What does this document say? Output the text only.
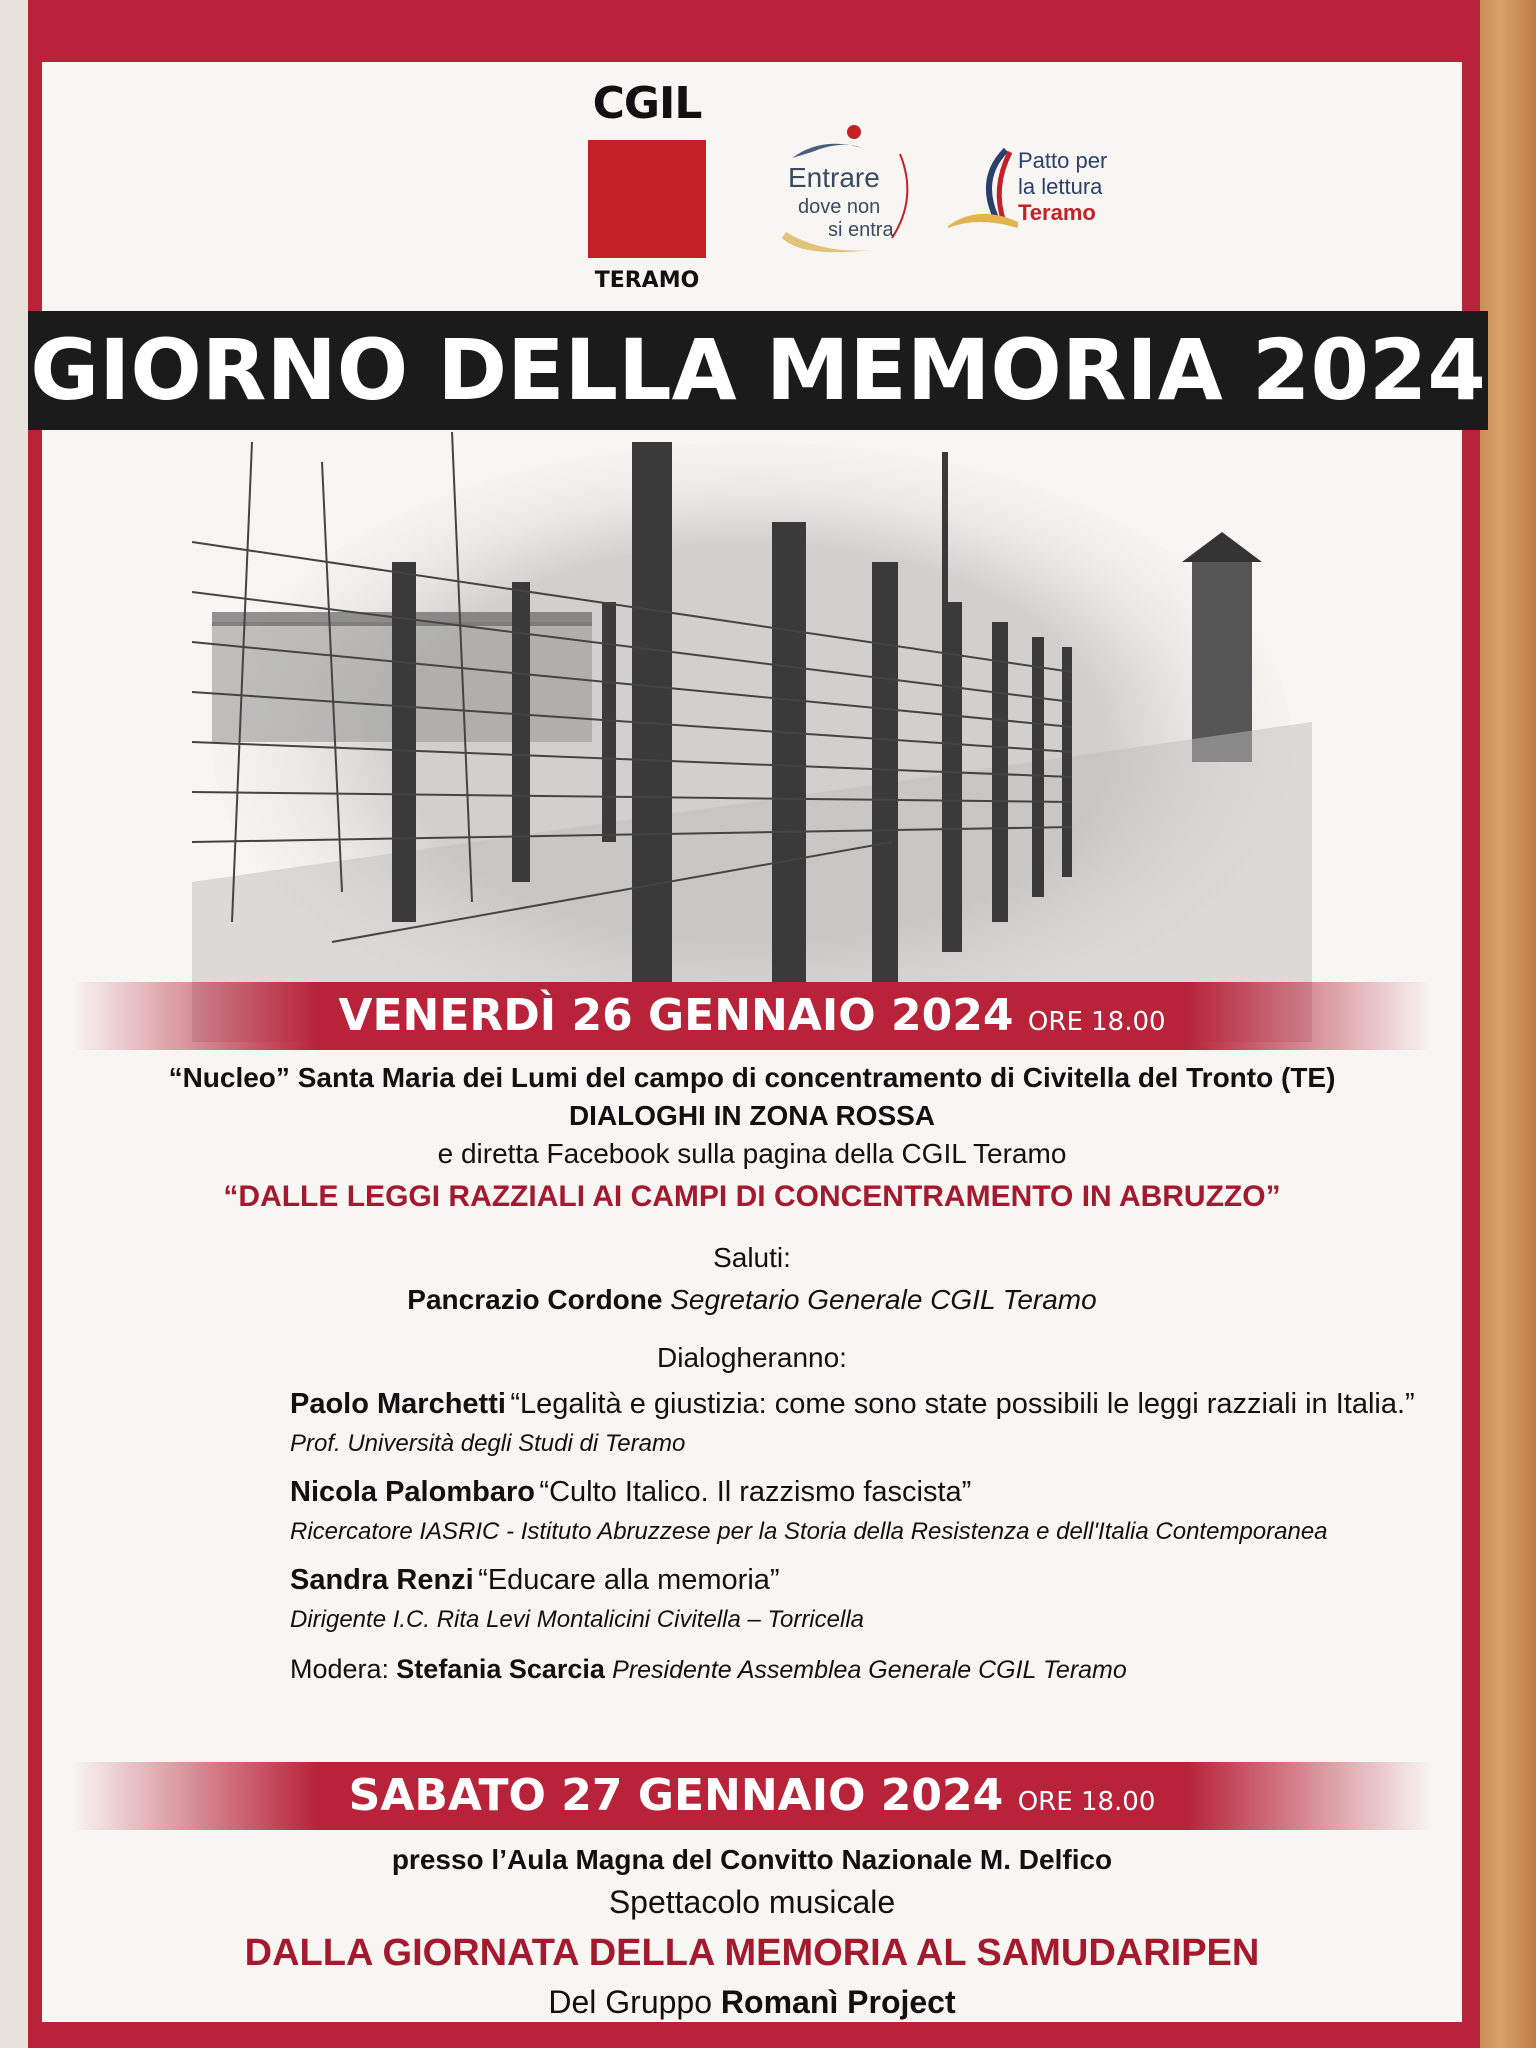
CGIL
TERAMO
Entrare
dove non
si entra
Patto per
la lettura
Teramo
GIORNO DELLA MEMORIA 2024
VENERDÌ 26 GENNAIO 2024 ORE 18.00
“Nucleo” Santa Maria dei Lumi del campo di concentramento di Civitella del Tronto (TE)
DIALOGHI IN ZONA ROSSA
e diretta Facebook sulla pagina della CGIL Teramo
“DALLE LEGGI RAZZIALI AI CAMPI DI CONCENTRAMENTO IN ABRUZZO”
Saluti:
Pancrazio Cordone Segretario Generale CGIL Teramo
Dialogheranno:
Paolo Marchetti “Legalità e giustizia: come sono state possibili le leggi razziali in Italia.”
Prof. Università degli Studi di Teramo
Nicola Palombaro “Culto Italico. Il razzismo fascista”
Ricercatore IASRIC - Istituto Abruzzese per la Storia della Resistenza e dell'Italia Contemporanea
Sandra Renzi “Educare alla memoria”
Dirigente I.C. Rita Levi Montalicini Civitella – Torricella
Modera: Stefania Scarcia Presidente Assemblea Generale CGIL Teramo
SABATO 27 GENNAIO 2024 ORE 18.00
presso l’Aula Magna del Convitto Nazionale M. Delfico
Spettacolo musicale
DALLA GIORNATA DELLA MEMORIA AL SAMUDARIPEN
Del Gruppo Romanì Project
